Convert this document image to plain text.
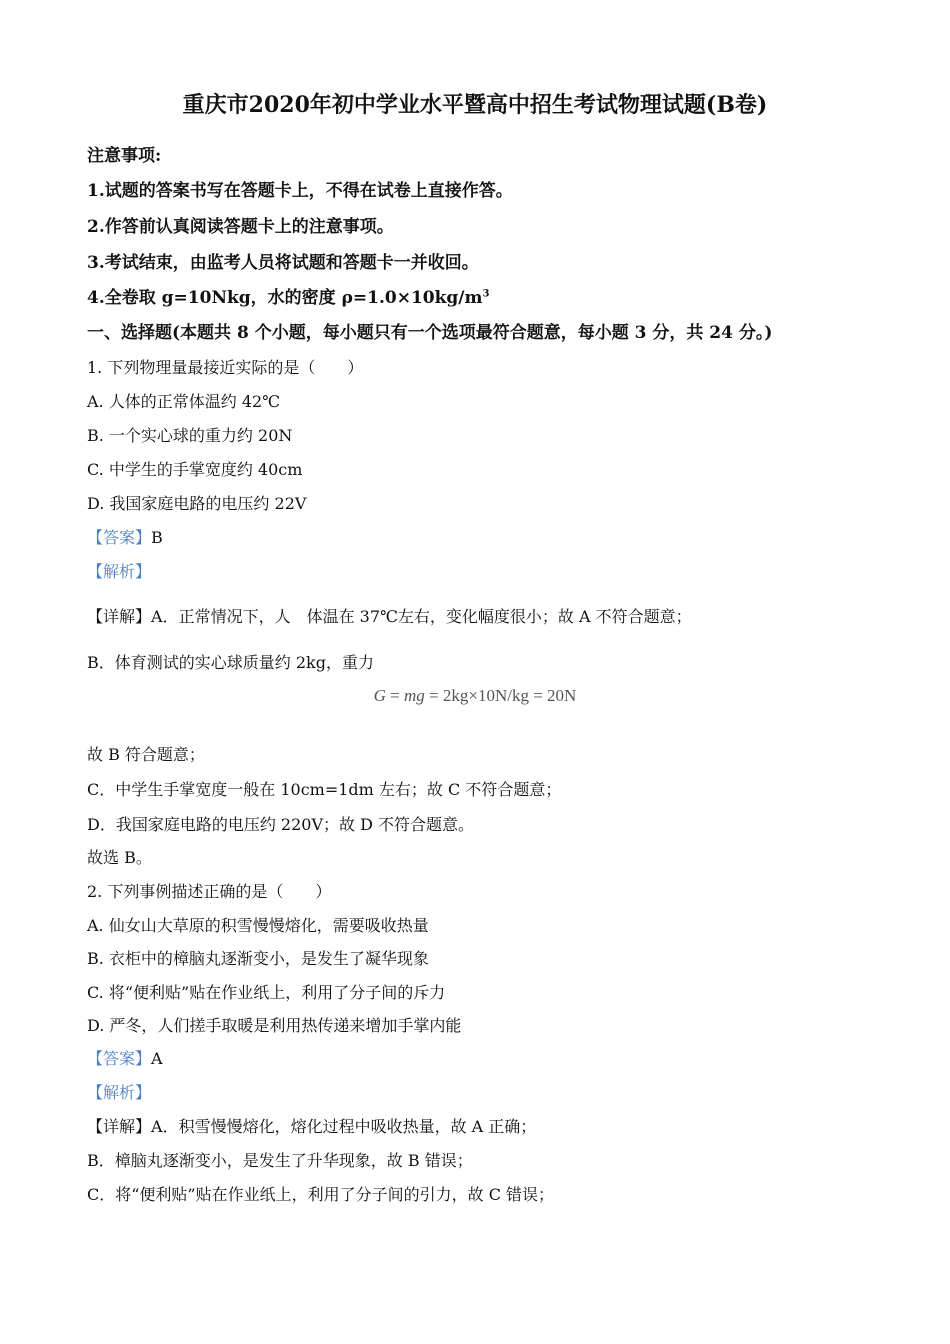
重庆市2020年初中学业水平暨高中招生考试物理试题(B卷)
注意事项:
1.试题的答案书写在答题卡上，不得在试卷上直接作答。
2.作答前认真阅读答题卡上的注意事项。
3.考试结束，由监考人员将试题和答题卡一并收回。
4.全卷取 g=10Nkg，水的密度 $\rho=1.0\times 10kg/m^3$
一、选择题(本题共 8 个小题，每小题只有一个选项最符合题意，每小题 3 分，共 24 分。)
1. 下列物理量最接近实际的是（　　）
A. 人体的正常体温约 42℃
B. 一个实心球的重力约 20N
C. 中学生的手掌宽度约 40cm
D. 我国家庭电路的电压约 22V
【答案】B
【解析】
【详解】A．正常情况下，人　体温在 37℃左右，变化幅度很小；故 A 不符合题意；
B．体育测试的实心球质量约 2kg，重力
G = mg = 2kg×10N/kg = 20N
故 B 符合题意；
C．中学生手掌宽度一般在 10cm=1dm 左右；故 C 不符合题意；
D．我国家庭电路的电压约 220V；故 D 不符合题意。
故选 B。
2. 下列事例描述正确的是（　　）
A. 仙女山大草原的积雪慢慢熔化，需要吸收热量
B. 衣柜中的樟脑丸逐渐变小，是发生了凝华现象
C. 将“便利贴”贴在作业纸上，利用了分子间的斥力
D. 严冬，人们搓手取暖是利用热传递来增加手掌内能
【答案】A
【解析】
【详解】A．积雪慢慢熔化，熔化过程中吸收热量，故 A 正确；
B．樟脑丸逐渐变小，是发生了升华现象，故 B 错误；
C．将“便利贴”贴在作业纸上，利用了分子间的引力，故 C 错误；
